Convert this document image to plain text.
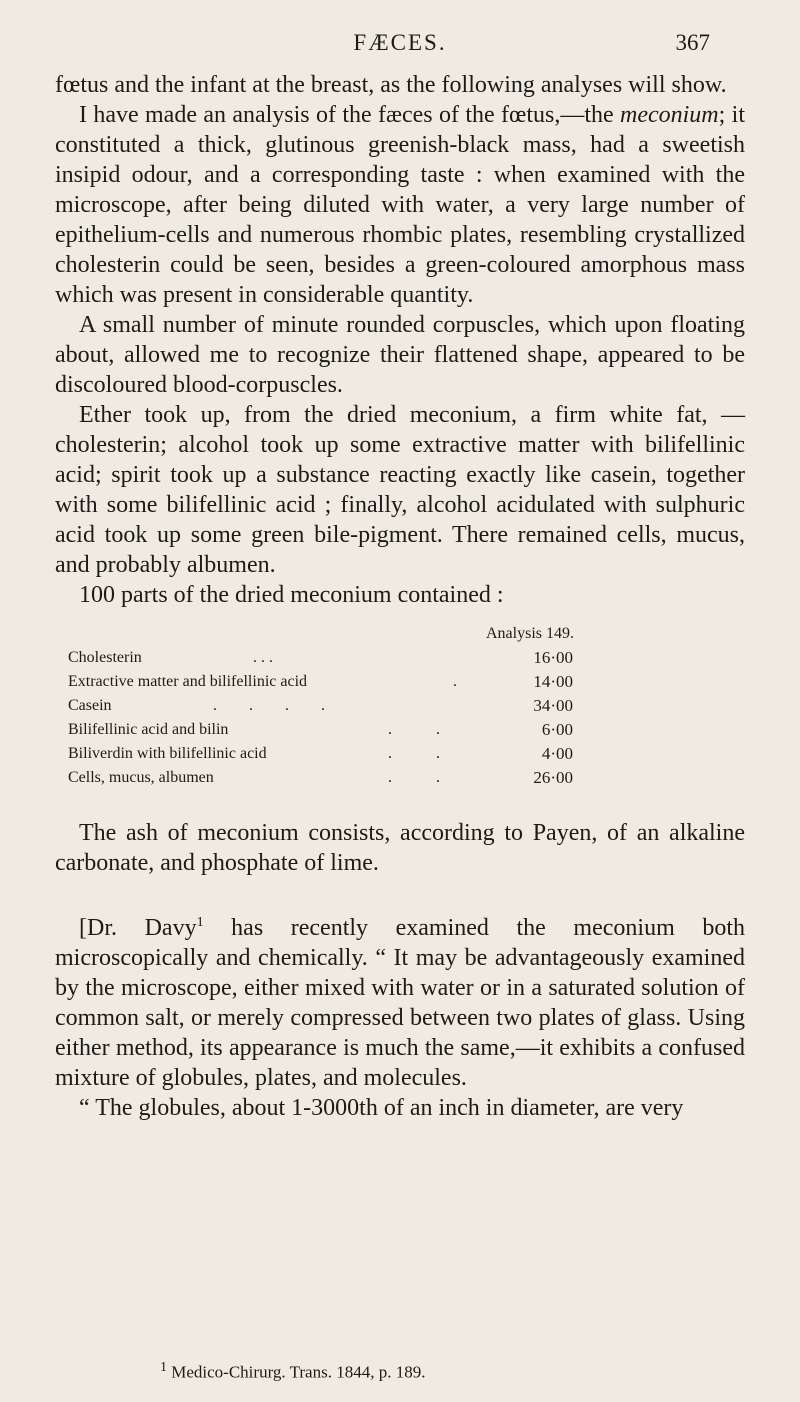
FÆCES.	367

fœtus and the infant at the breast, as the following analyses will show.

I have made an analysis of the fæces of the fœtus,—the meconium; it constituted a thick, glutinous greenish-black mass, had a sweetish insipid odour, and a corresponding taste : when examined with the microscope, after being diluted with water, a very large number of epithelium-cells and numerous rhombic plates, resembling crystallized cholesterin could be seen, besides a green-coloured amorphous mass which was present in considerable quantity.

A small number of minute rounded corpuscles, which upon floating about, allowed me to recognize their flattened shape, appeared to be discoloured blood-corpuscles.

Ether took up, from the dried meconium, a firm white fat, —cholesterin; alcohol took up some extractive matter with bilifellinic acid; spirit took up a substance reacting exactly like casein, together with some bilifellinic acid ; finally, alcohol acidulated with sulphuric acid took up some green bile-pigment. There remained cells, mucus, and probably albumen.

100 parts of the dried meconium contained :

Analysis 149.
Cholesterin	. . .	16·00
Extractive matter and bilifellinic acid	.	14·00
Casein	. . . .	34·00
Bilifellinic acid and bilin	. .	6·00
Biliverdin with bilifellinic acid	. .	4·00
Cells, mucus, albumen	. .	26·00

The ash of meconium consists, according to Payen, of an alkaline carbonate, and phosphate of lime.

[Dr. Davy$^1$ has recently examined the meconium both microscopically and chemically. “ It may be advantageously examined by the microscope, either mixed with water or in a saturated solution of common salt, or merely compressed between two plates of glass. Using either method, its appearance is much the same,—it exhibits a confused mixture of globules, plates, and molecules.

“ The globules, about 1-3000th of an inch in diameter, are very

$^1$ Medico-Chirurg. Trans. 1844, p. 189.
